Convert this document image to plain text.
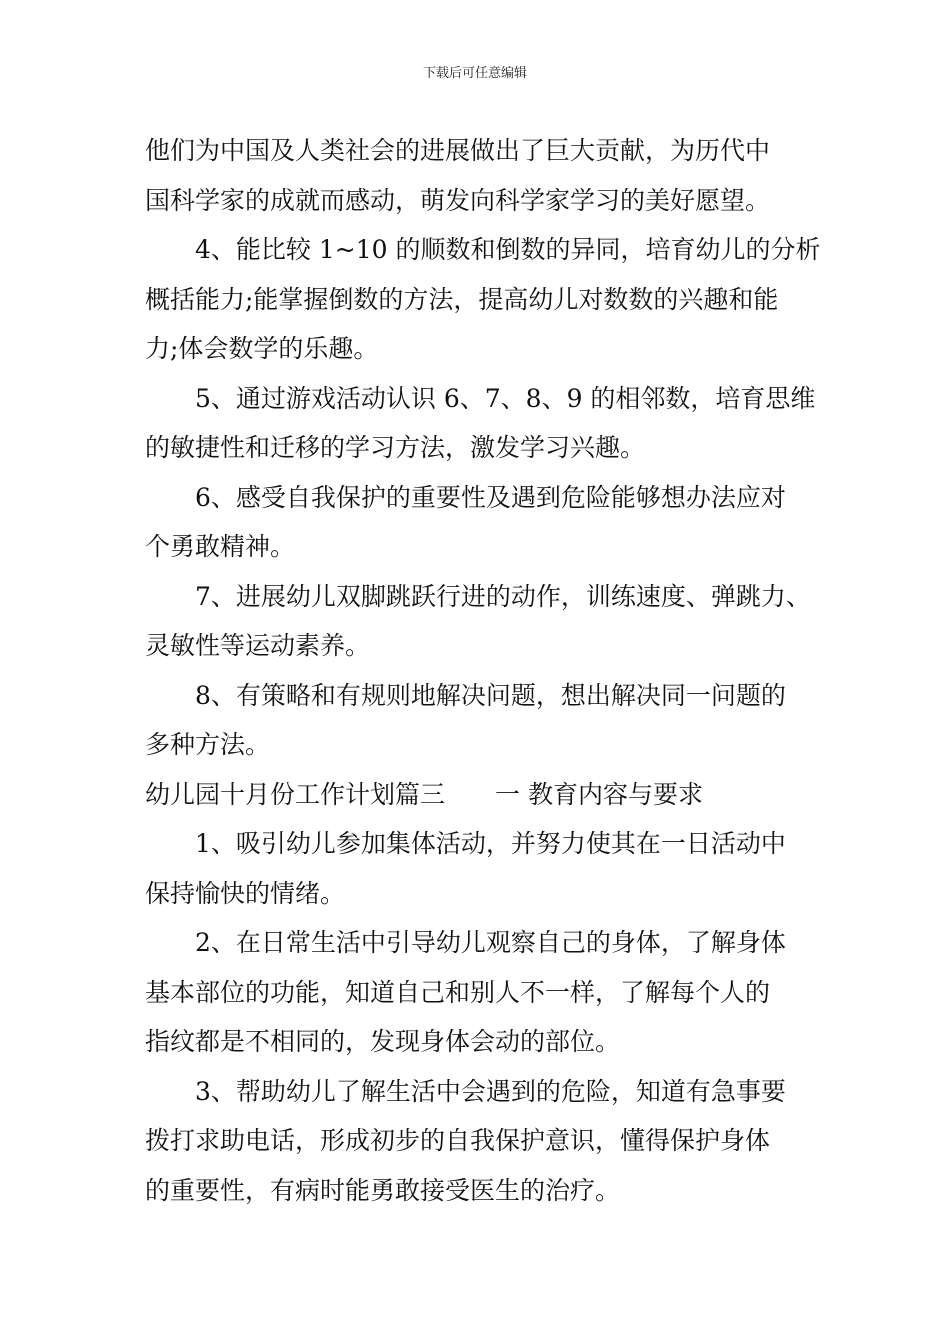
下载后可任意编辑
他们为中国及人类社会的进展做出了巨大贡献，为历代中
国科学家的成就而感动，萌发向科学家学习的美好愿望。
4、能比较 1~10 的顺数和倒数的异同，培育幼儿的分析
概括能力;能掌握倒数的方法，提高幼儿对数数的兴趣和能
力;体会数学的乐趣。
5、通过游戏活动认识 6、7、8、9 的相邻数，培育思维
的敏捷性和迁移的学习方法，激发学习兴趣。
6、感受自我保护的重要性及遇到危险能够想办法应对
个勇敢精神。
7、进展幼儿双脚跳跃行进的动作，训练速度、弹跳力、
灵敏性等运动素养。
8、有策略和有规则地解决问题，想出解决同一问题的
多种方法。
幼儿园十月份工作计划篇三　　一 教育内容与要求
1、吸引幼儿参加集体活动，并努力使其在一日活动中
保持愉快的情绪。
2、在日常生活中引导幼儿观察自己的身体，了解身体
基本部位的功能，知道自己和别人不一样，了解每个人的
指纹都是不相同的，发现身体会动的部位。
3、帮助幼儿了解生活中会遇到的危险，知道有急事要
拨打求助电话，形成初步的自我保护意识，懂得保护身体
的重要性，有病时能勇敢接受医生的治疗。
